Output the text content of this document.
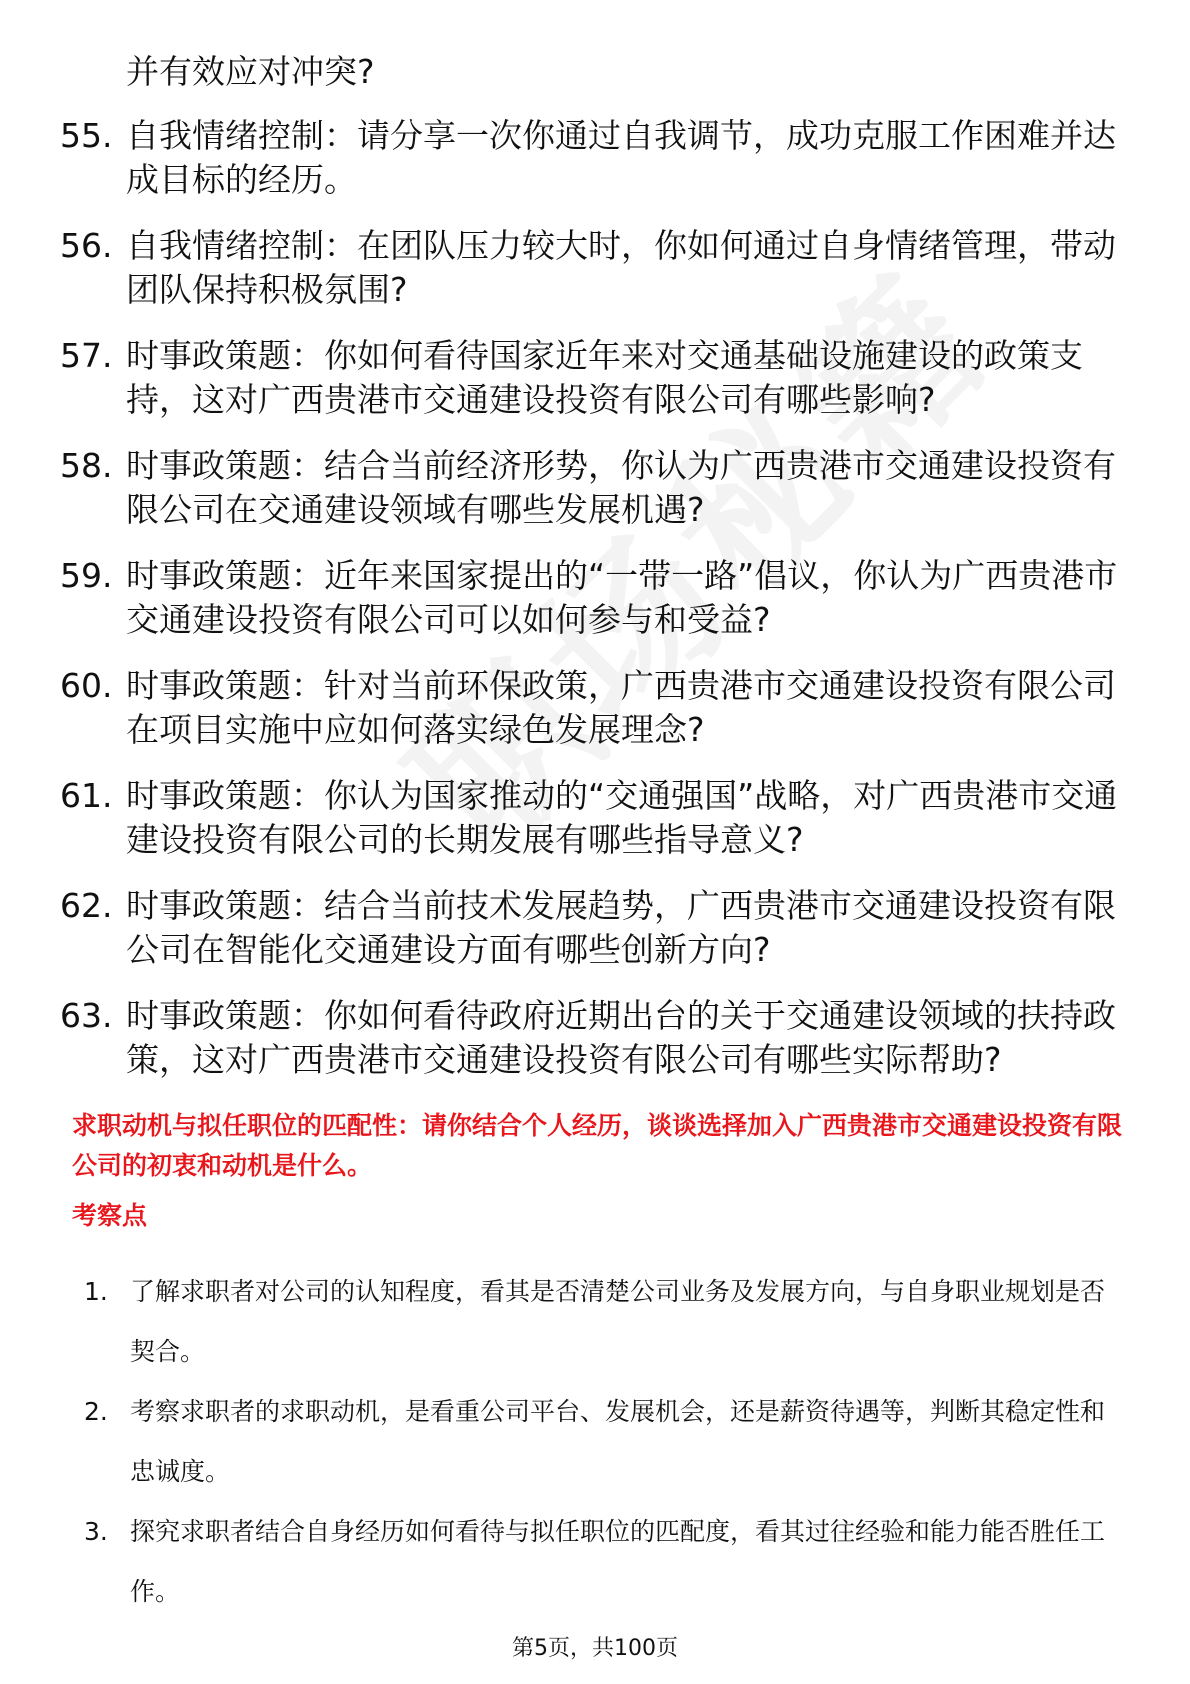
并有效应对冲突?
55. 自我情绪控制：请分享一次你通过自我调节，成功克服工作困难并达成目标的经历。
56. 自我情绪控制：在团队压力较大时，你如何通过自身情绪管理，带动团队保持积极氛围?
57. 时事政策题：你如何看待国家近年来对交通基础设施建设的政策支持，这对广西贵港市交通建设投资有限公司有哪些影响?
58. 时事政策题：结合当前经济形势，你认为广西贵港市交通建设投资有限公司在交通建设领域有哪些发展机遇?
59. 时事政策题：近年来国家提出的“一带一路”倡议，你认为广西贵港市交通建设投资有限公司可以如何参与和受益?
60. 时事政策题：针对当前环保政策，广西贵港市交通建设投资有限公司在项目实施中应如何落实绿色发展理念?
61. 时事政策题：你认为国家推动的“交通强国”战略，对广西贵港市交通建设投资有限公司的长期发展有哪些指导意义?
62. 时事政策题：结合当前技术发展趋势，广西贵港市交通建设投资有限公司在智能化交通建设方面有哪些创新方向?
63. 时事政策题：你如何看待政府近期出台的关于交通建设领域的扶持政策，这对广西贵港市交通建设投资有限公司有哪些实际帮助?
求职动机与拟任职位的匹配性：请你结合个人经历，谈谈选择加入广西贵港市交通建设投资有限公司的初衷和动机是什么。
考察点
1. 了解求职者对公司的认知程度，看其是否清楚公司业务及发展方向，与自身职业规划是否契合。
2. 考察求职者的求职动机，是看重公司平台、发展机会，还是薪资待遇等，判断其稳定性和忠诚度。
3. 探究求职者结合自身经历如何看待与拟任职位的匹配度，看其过往经验和能力能否胜任工作。
第5页，共100页
